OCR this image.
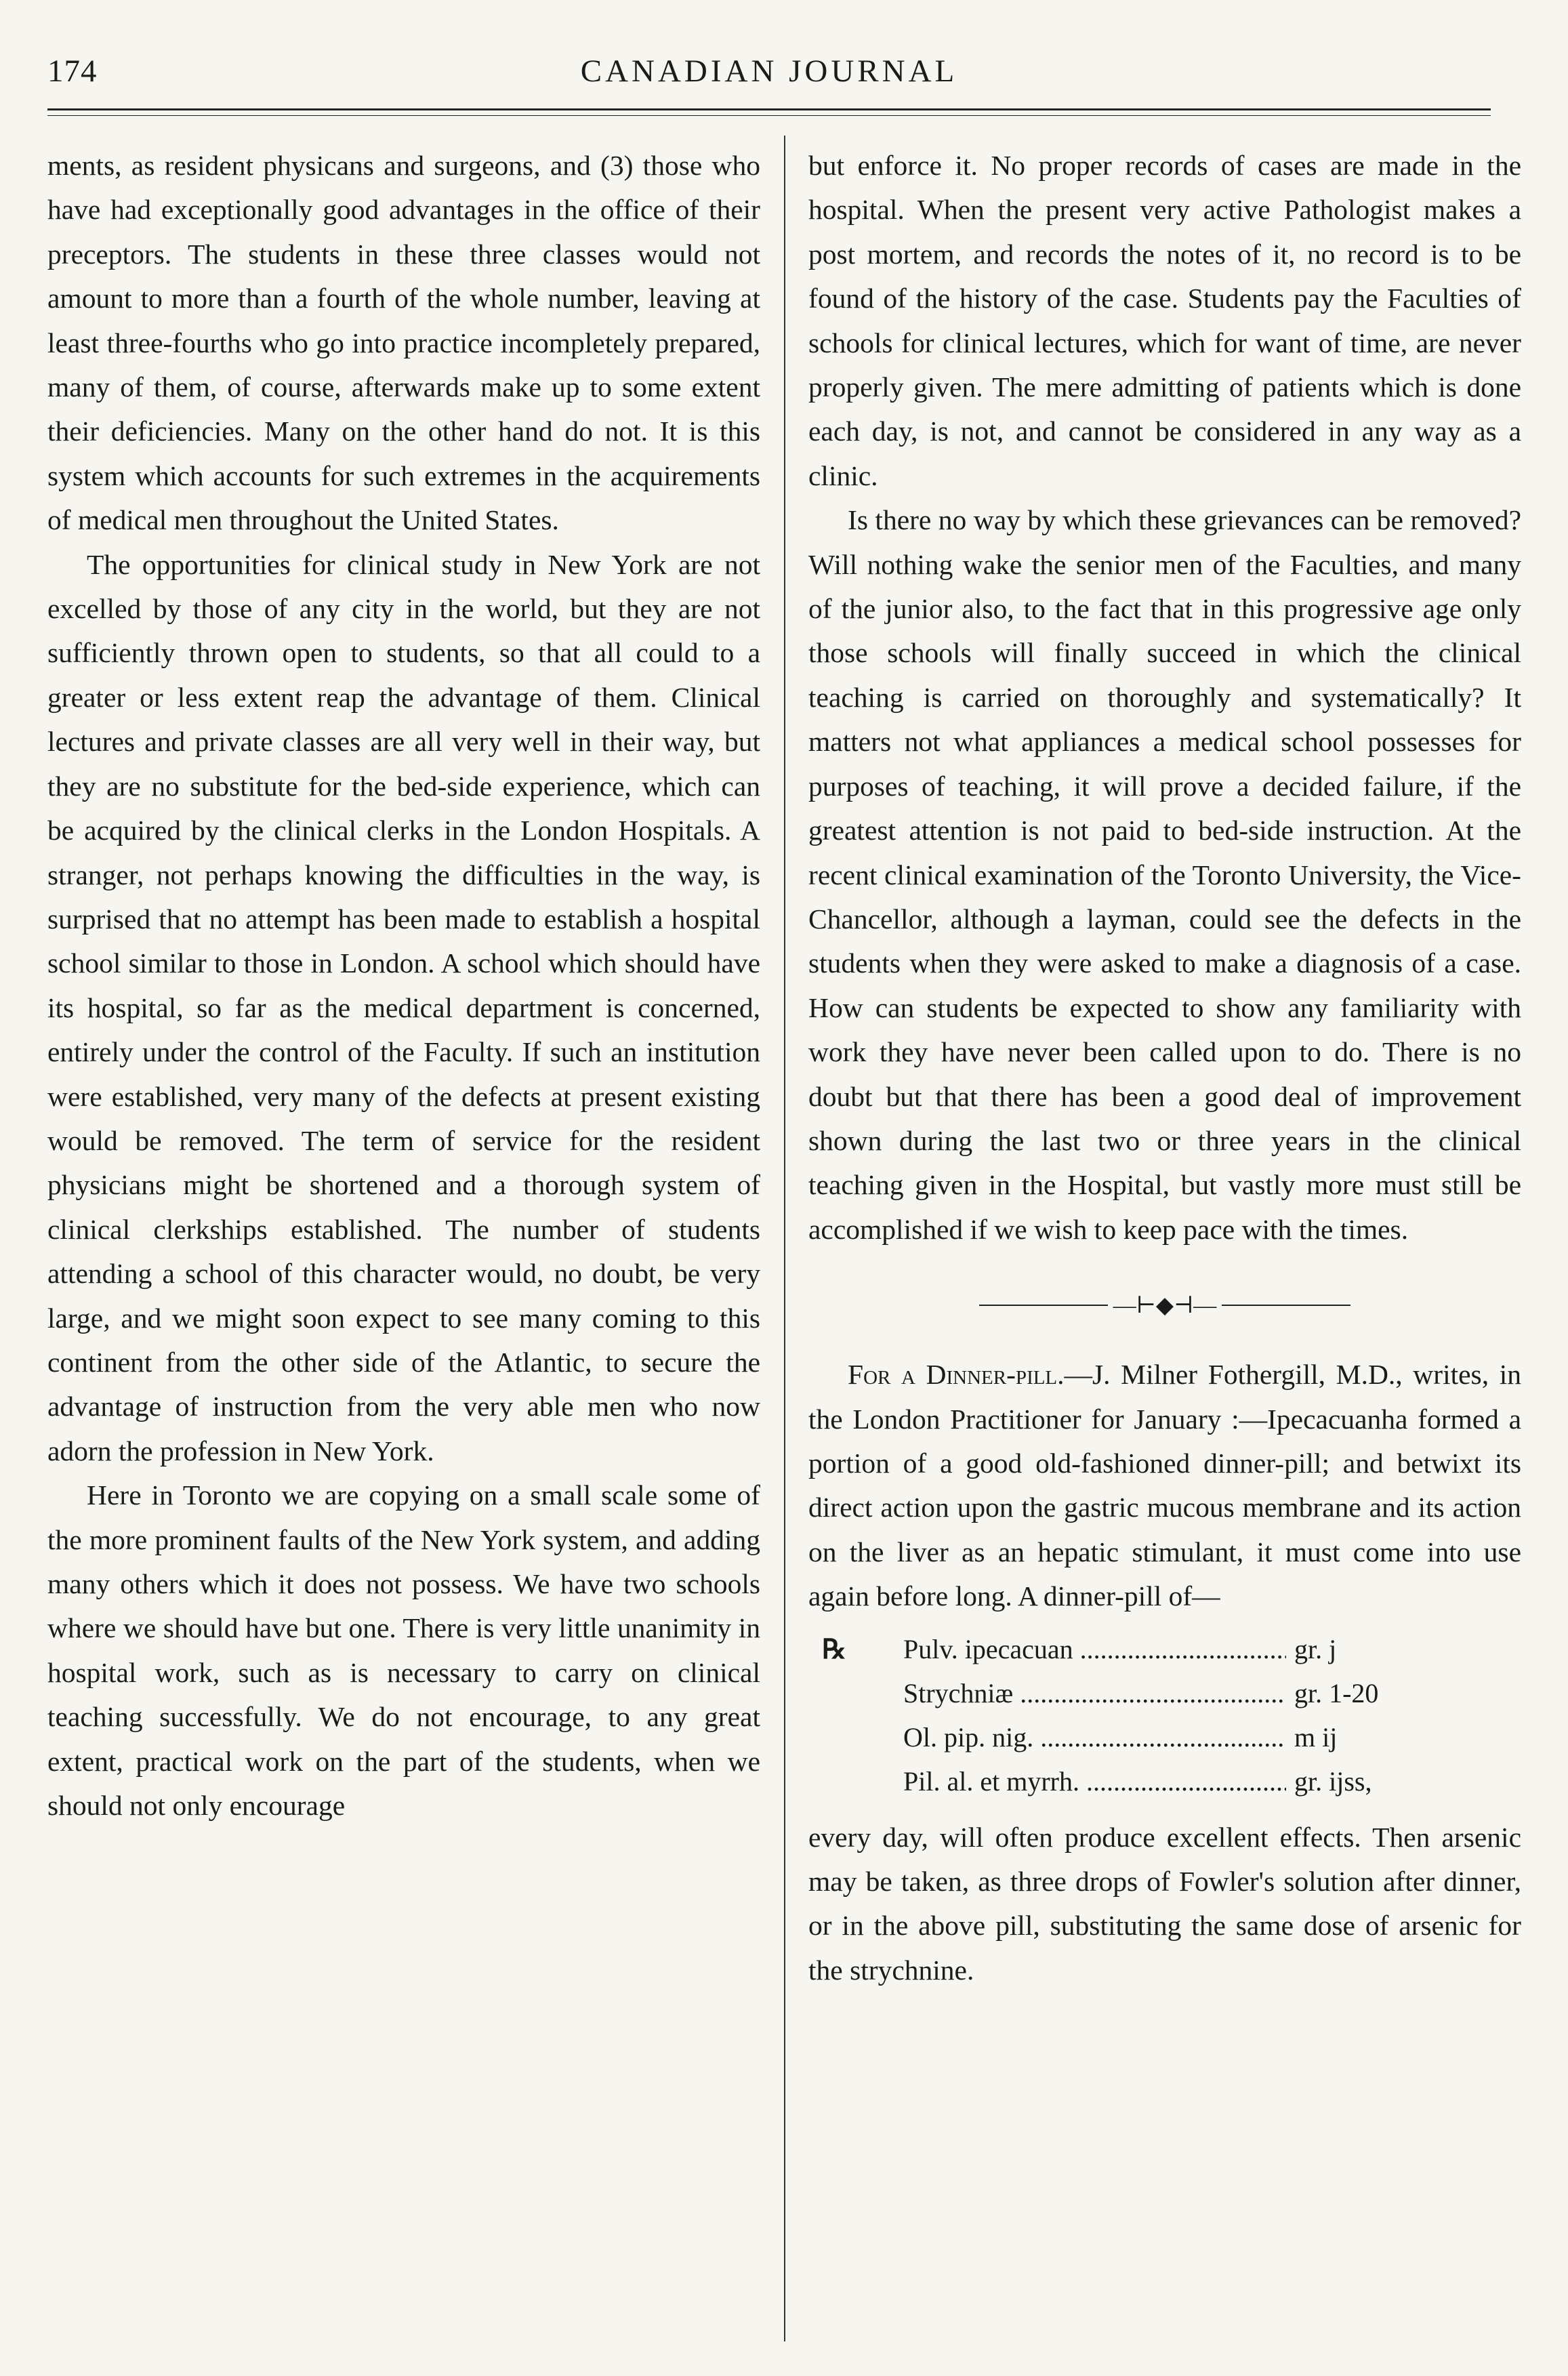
174	CANADIAN JOURNAL

ments, as resident physicans and surgeons, and (3) those who have had exceptionally good advantages in the office of their preceptors. The students in these three classes would not amount to more than a fourth of the whole number, leaving at least three-fourths who go into practice incompletely prepared, many of them, of course, afterwards make up to some extent their deficiencies. Many on the other hand do not. It is this system which accounts for such extremes in the acquirements of medical men throughout the United States.

The opportunities for clinical study in New York are not excelled by those of any city in the world, but they are not sufficiently thrown open to students, so that all could to a greater or less extent reap the advantage of them. Clinical lectures and private classes are all very well in their way, but they are no substitute for the bed-side experience, which can be acquired by the clinical clerks in the London Hospitals. A stranger, not perhaps knowing the difficulties in the way, is surprised that no attempt has been made to establish a hospital school similar to those in London. A school which should have its hospital, so far as the medical department is concerned, entirely under the control of the Faculty. If such an institution were established, very many of the defects at present existing would be removed. The term of service for the resident physicians might be shortened and a thorough system of clinical clerkships established. The number of students attending a school of this character would, no doubt, be very large, and we might soon expect to see many coming to this continent from the other side of the Atlantic, to secure the advantage of instruction from the very able men who now adorn the profession in New York.

Here in Toronto we are copying on a small scale some of the more prominent faults of the New York system, and adding many others which it does not possess. We have two schools where we should have but one. There is very little unanimity in hospital work, such as is necessary to carry on clinical teaching successfully. We do not encourage, to any great extent, practical work on the part of the students, when we should not only encourage

but enforce it. No proper records of cases are made in the hospital. When the present very active Pathologist makes a post mortem, and records the notes of it, no record is to be found of the history of the case. Students pay the Faculties of schools for clinical lectures, which for want of time, are never properly given. The mere admitting of patients which is done each day, is not, and cannot be considered in any way as a clinic.

Is there no way by which these grievances can be removed? Will nothing wake the senior men of the Faculties, and many of the junior also, to the fact that in this progressive age only those schools will finally succeed in which the clinical teaching is carried on thoroughly and systematically? It matters not what appliances a medical school possesses for purposes of teaching, it will prove a decided failure, if the greatest attention is not paid to bed-side instruction. At the recent clinical examination of the Toronto University, the Vice-Chancellor, although a layman, could see the defects in the students when they were asked to make a diagnosis of a case. How can students be expected to show any familiarity with work they have never been called upon to do. There is no doubt but that there has been a good deal of improvement shown during the last two or three years in the clinical teaching given in the Hospital, but vastly more must still be accomplished if we wish to keep pace with the times.

—⊢◆⊣—

For a Dinner-pill.—J. Milner Fothergill, M.D., writes, in the London Practitioner for January :—Ipecacuanha formed a portion of a good old-fashioned dinner-pill; and betwixt its direct action upon the gastric mucous membrane and its action on the liver as an hepatic stimulant, it must come into use again before long. A dinner-pill of—

℞	Pulv. ipecacuan .....	gr. j
Strychniæ .....	gr. 1-20
Ol. pip. nig. .....	m ij
Pil. al. et myrrh. .....	gr. ijss,

every day, will often produce excellent effects. Then arsenic may be taken, as three drops of Fowler's solution after dinner, or in the above pill, substituting the same dose of arsenic for the strychnine.
